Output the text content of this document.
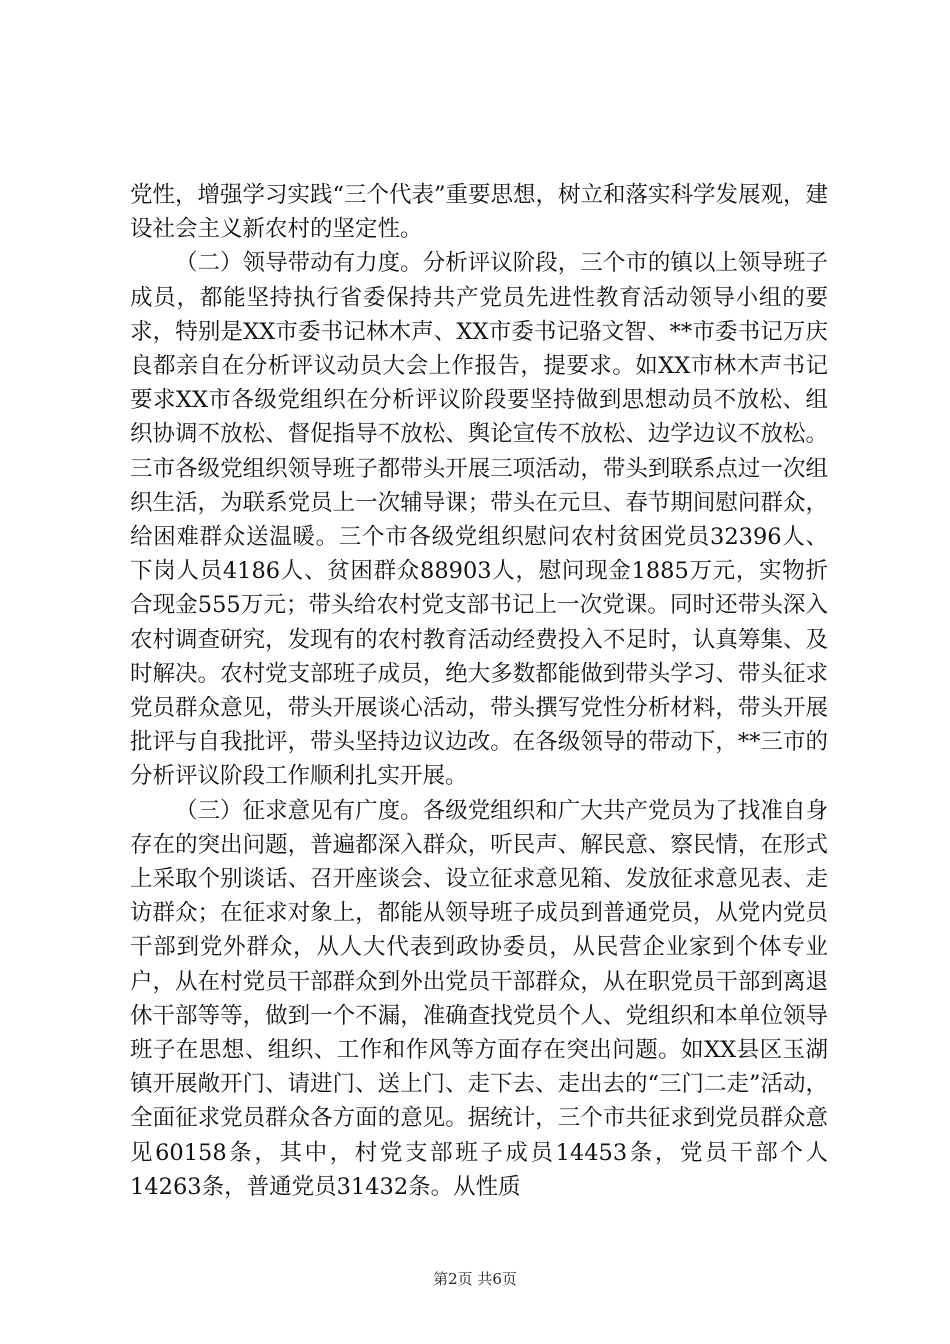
党性，增强学习实践“三个代表”重要思想，树立和落实科学发展观，建设社会主义新农村的坚定性。

（二）领导带动有力度。分析评议阶段，三个市的镇以上领导班子成员，都能坚持执行省委保持共产党员先进性教育活动领导小组的要求，特别是XX市委书记林木声、XX市委书记骆文智、**市委书记万庆良都亲自在分析评议动员大会上作报告，提要求。如XX市林木声书记要求XX市各级党组织在分析评议阶段要坚持做到思想动员不放松、组织协调不放松、督促指导不放松、舆论宣传不放松、边学边议不放松。三市各级党组织领导班子都带头开展三项活动，带头到联系点过一次组织生活，为联系党员上一次辅导课；带头在元旦、春节期间慰问群众，给困难群众送温暖。三个市各级党组织慰问农村贫困党员32396人、下岗人员4186人、贫困群众88903人，慰问现金1885万元，实物折合现金555万元；带头给农村党支部书记上一次党课。同时还带头深入农村调查研究，发现有的农村教育活动经费投入不足时，认真筹集、及时解决。农村党支部班子成员，绝大多数都能做到带头学习、带头征求党员群众意见，带头开展谈心活动，带头撰写党性分析材料，带头开展批评与自我批评，带头坚持边议边改。在各级领导的带动下，**三市的分析评议阶段工作顺利扎实开展。

（三）征求意见有广度。各级党组织和广大共产党员为了找准自身存在的突出问题，普遍都深入群众，听民声、解民意、察民情，在形式上采取个别谈话、召开座谈会、设立征求意见箱、发放征求意见表、走访群众；在征求对象上，都能从领导班子成员到普通党员，从党内党员干部到党外群众，从人大代表到政协委员，从民营企业家到个体专业户，从在村党员干部群众到外出党员干部群众，从在职党员干部到离退休干部等等，做到一个不漏，准确查找党员个人、党组织和本单位领导班子在思想、组织、工作和作风等方面存在突出问题。如XX县区玉湖镇开展敞开门、请进门、送上门、走下去、走出去的“三门二走”活动，全面征求党员群众各方面的意见。据统计，三个市共征求到党员群众意见60158条，其中，村党支部班子成员14453条，党员干部个人14263条，普通党员31432条。从性质

第2页 共6页
